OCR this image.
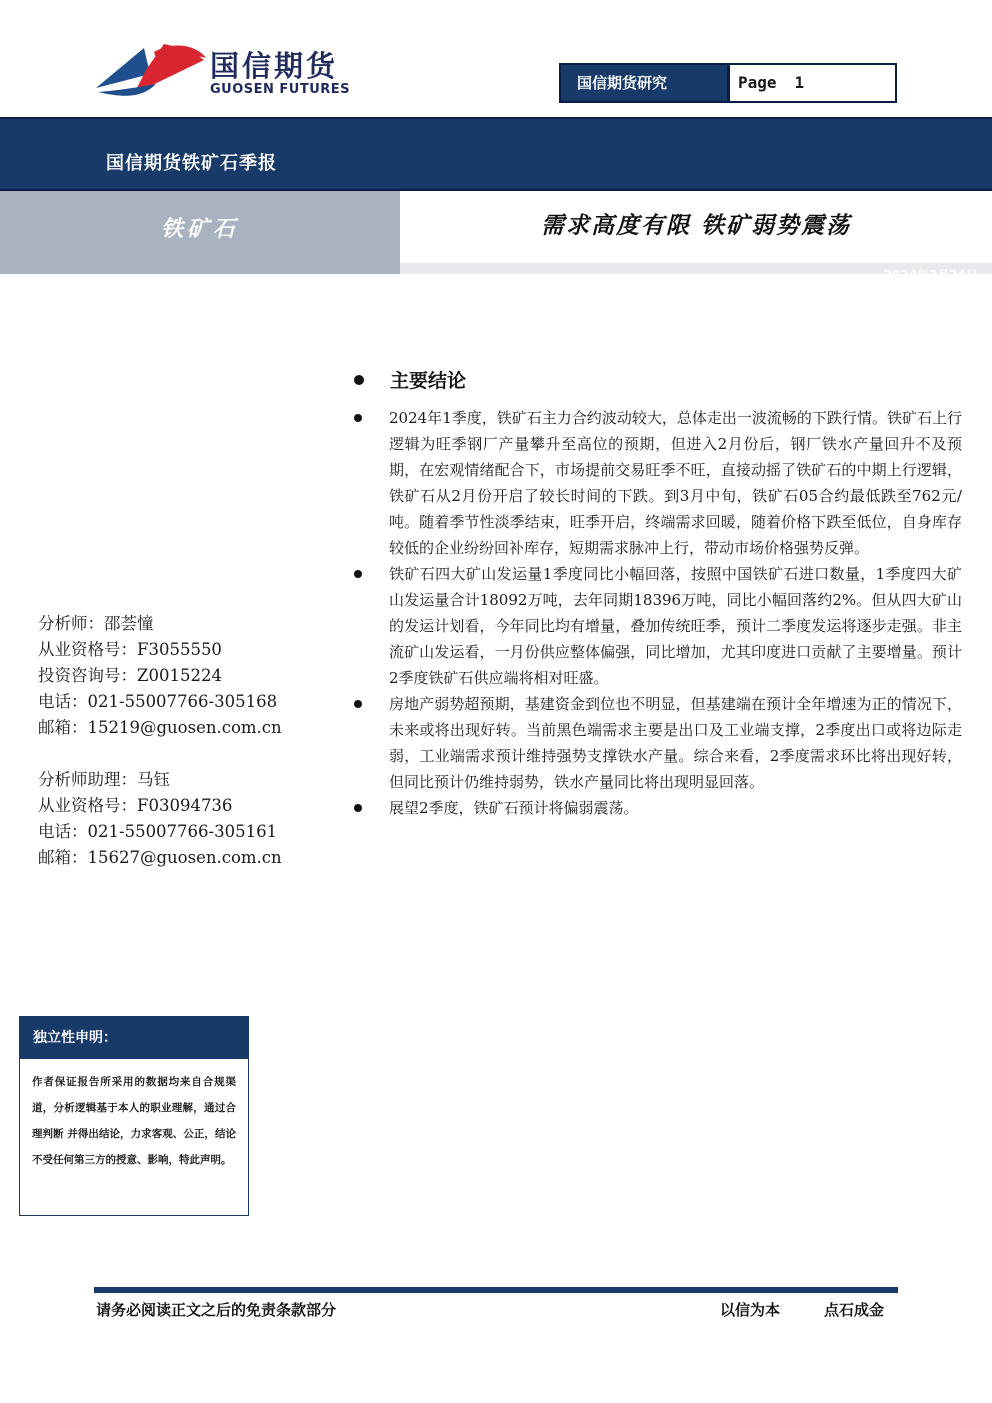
国信期货
GUOSEN FUTURES	国信期货研究	Page 1
国信期货铁矿石季报
铁矿石	需求高度有限 铁矿弱势震荡
2024年3月24日
主要结论
2024年1季度，铁矿石主力合约波动较大，总体走出一波流畅的下跌行情。铁矿石上行逻辑为旺季钢厂产量攀升至高位的预期，但进入2月份后，钢厂铁水产量回升不及预期，在宏观情绪配合下，市场提前交易旺季不旺，直接动摇了铁矿石的中期上行逻辑，铁矿石从2月份开启了较长时间的下跌。到3月中旬，铁矿石05合约最低跌至762元/吨。随着季节性淡季结束，旺季开启，终端需求回暖，随着价格下跌至低位，自身库存较低的企业纷纷回补库存，短期需求脉冲上行，带动市场价格强势反弹。
铁矿石四大矿山发运量1季度同比小幅回落，按照中国铁矿石进口数量，1季度四大矿山发运量合计18092万吨，去年同期18396万吨，同比小幅回落约2%。但从四大矿山的发运计划看，今年同比均有增量，叠加传统旺季，预计二季度发运将逐步走强。非主流矿山发运看，一月份供应整体偏强，同比增加，尤其印度进口贡献了主要增量。预计2季度铁矿石供应端将相对旺盛。
房地产弱势超预期，基建资金到位也不明显，但基建端在预计全年增速为正的情况下，未来或将出现好转。当前黑色端需求主要是出口及工业端支撑，2季度出口或将边际走弱，工业端需求预计维持强势支撑铁水产量。综合来看，2季度需求环比将出现好转，但同比预计仍维持弱势，铁水产量同比将出现明显回落。
展望2季度，铁矿石预计将偏弱震荡。
分析师：邵荟憧
从业资格号：F3055550
投资咨询号：Z0015224
电话：021-55007766-305168
邮箱：15219@guosen.com.cn
分析师助理：马钰
从业资格号：F03094736
电话：021-55007766-305161
邮箱：15627@guosen.com.cn
独立性申明：
作者保证报告所采用的数据均来自合规渠道，分析逻辑基于本人的职业理解，通过合理判断 并得出结论，力求客观、公正，结论不受任何第三方的授意、影响，特此声明。
请务必阅读正文之后的免责条款部分	以信为本	点石成金
